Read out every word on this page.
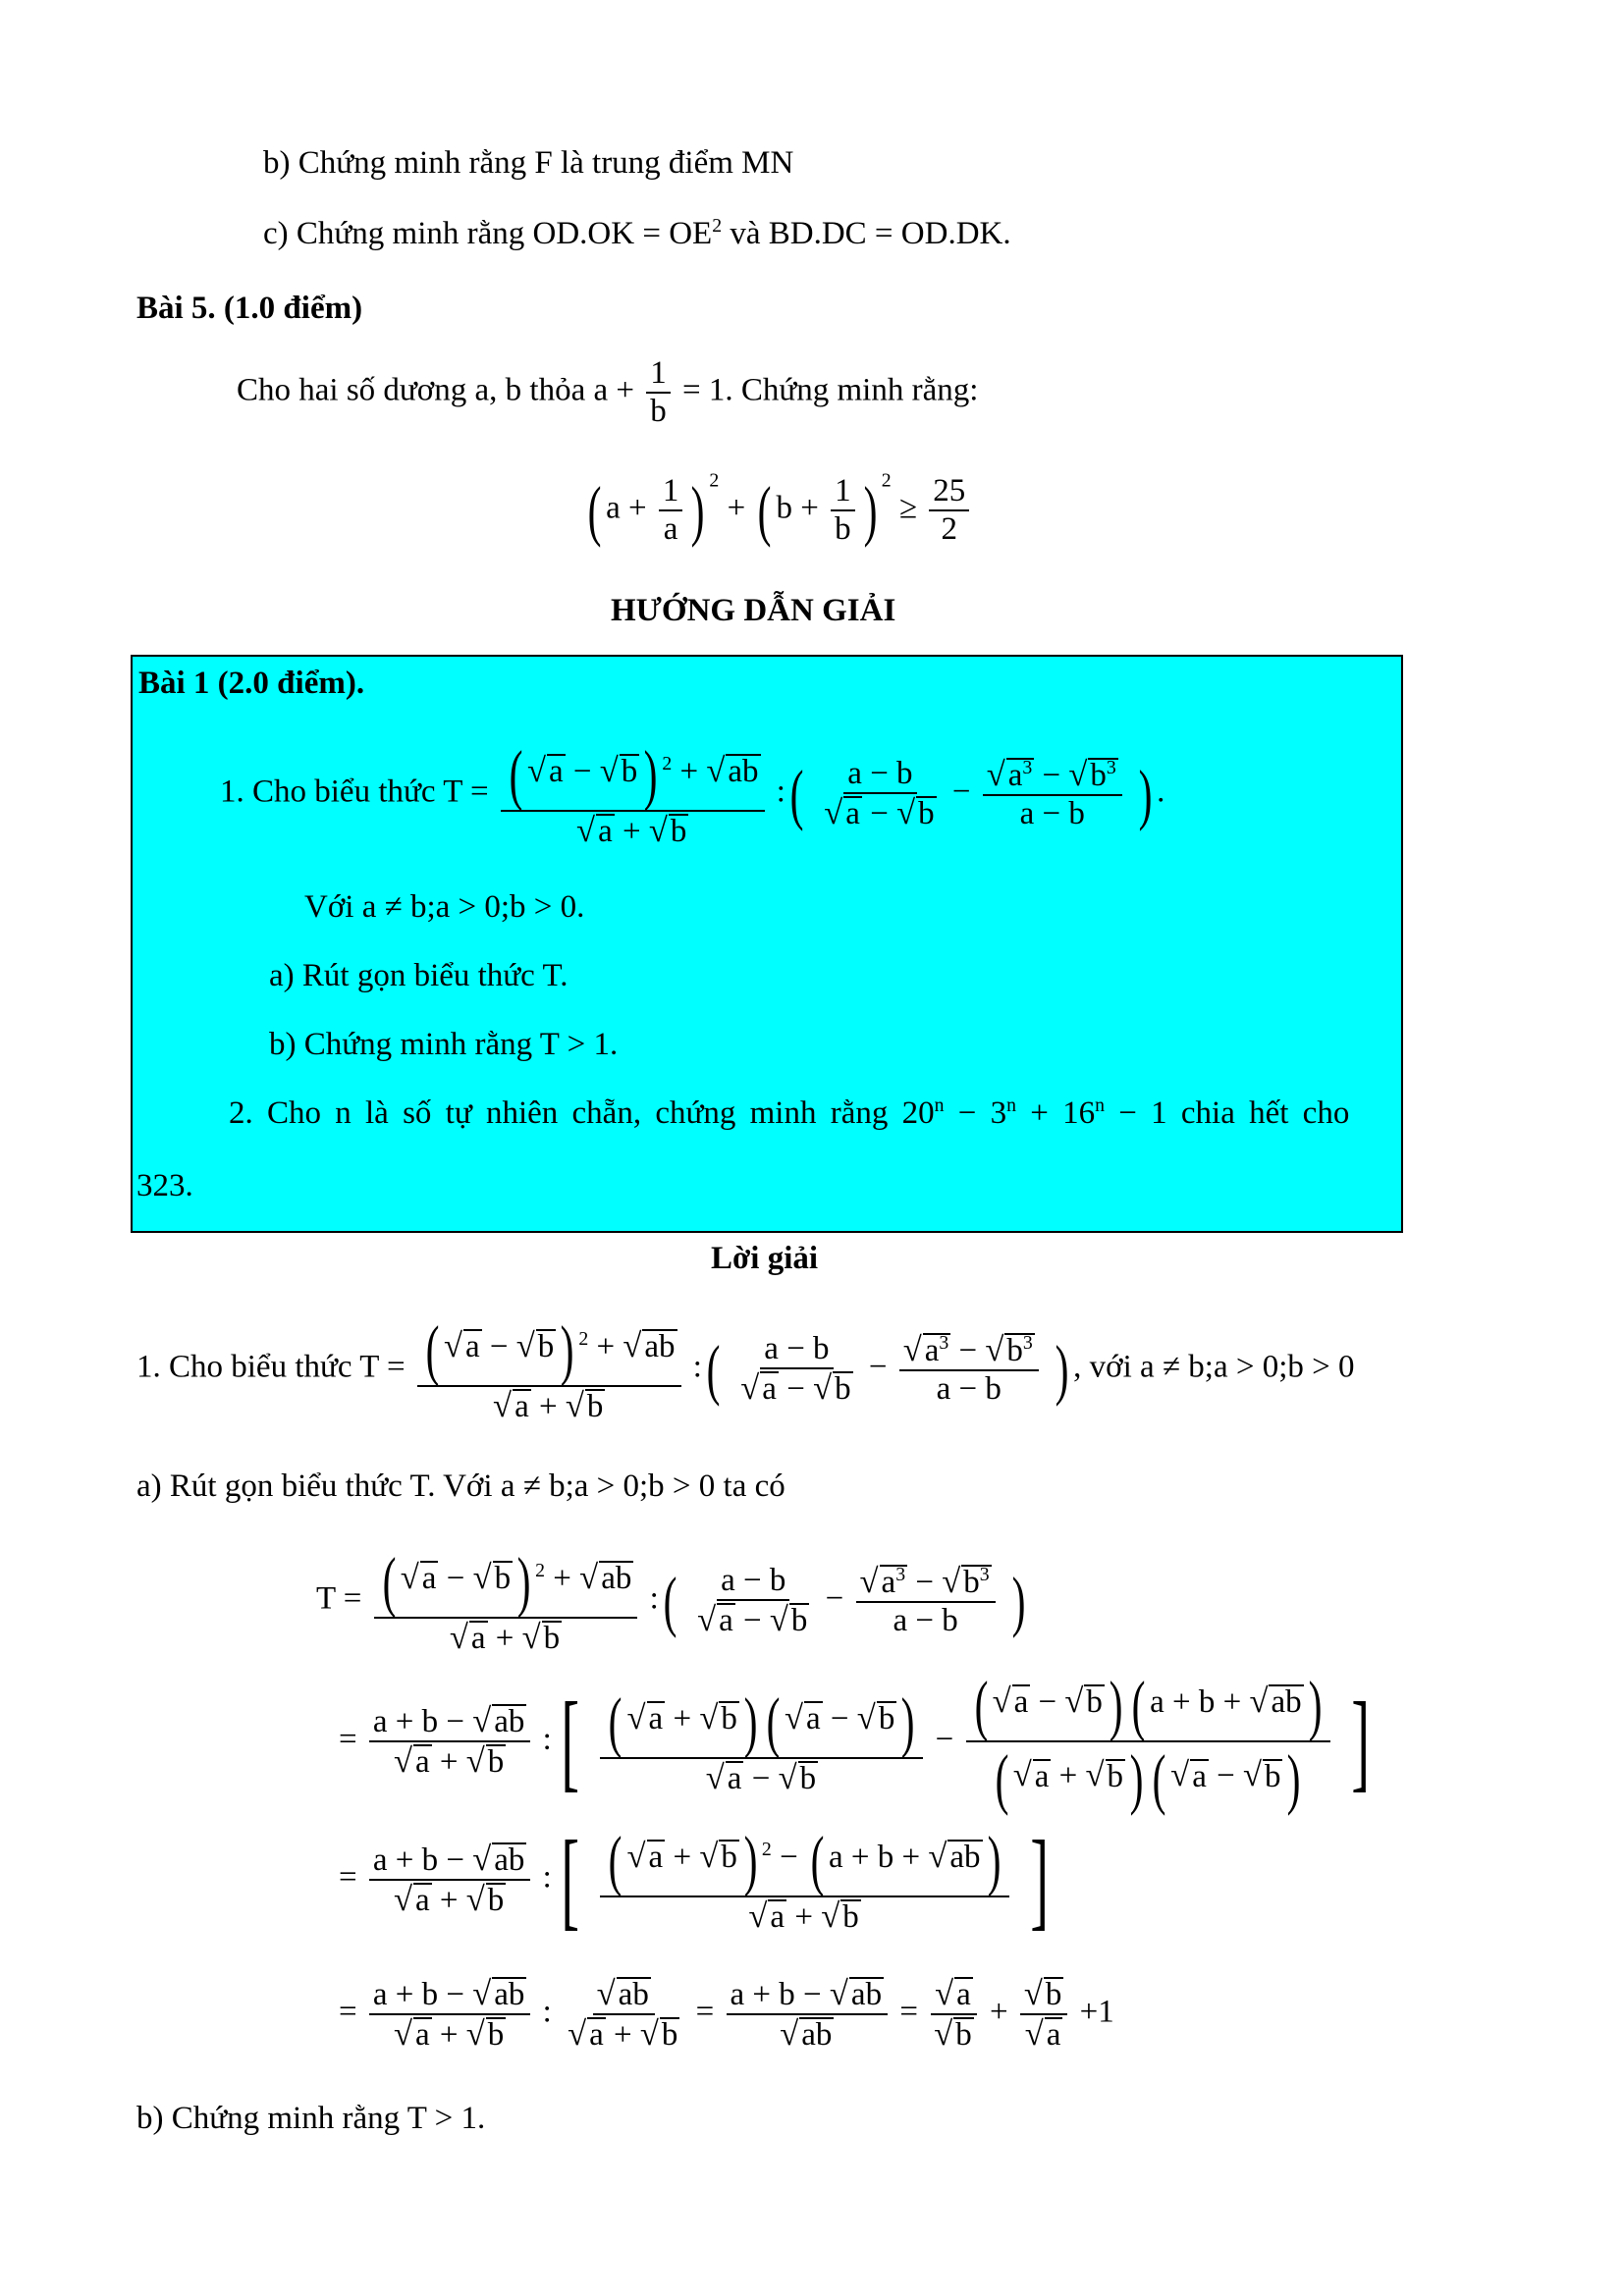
b) Chứng minh rằng F là trung điểm MN
c) Chứng minh rằng $OD.OK = OE^2$ và BD.DC = OD.DK.
Bài 5. (1.0 điểm)
Cho hai số dương a, b thỏa $a + \frac{1}{b} = 1$. Chứng minh rằng:
( $a + \frac{1}{a}$ ) $^2$ + ( $b + \frac{1}{b}$ ) $^2 \ge \frac{25}{2}$
HƯỚNG DẪN GIẢI
Bài 1 (2.0 điểm).
1. Cho biểu thức $T = \frac{( √a - √b) ^2 + √ab}{√a + √b}$ :( $\frac{a - b}{√a - √b} - \frac{√a^3 - √b^3}{a - b}$ ) .
Với a ≠ b;a > 0;b > 0.
a) Rút gọn biểu thức T.
b) Chứng minh rằng T > 1.
2. Cho n là số tự nhiên chẵn, chứng minh rằng $20^n - 3^n + 16^n - 1$ chia hết cho
323.
Lời giải
1. Cho biểu thức $T = \frac{( √a - √b) ^2 + √ab}{√a + √b}$ :( $\frac{a - b}{√a - √b} - \frac{√a^3 - √b^3}{a - b}$ ) , với a ≠ b;a > 0;b > 0
a) Rút gọn biểu thức T. Với a ≠ b;a > 0;b > 0 ta có
$T = \frac{( √a - √b) ^2 + √ab}{√a + √b}$ :( $\frac{a - b}{√a - √b} - \frac{√a^3 - √b^3}{a - b}$ )
= $\frac{a + b - √ab}{√a + √b}$ :[ $\frac{( √a + √b) ( √a - √b)}{√a - √b} - \frac{( √a - √b) ( a + b + √ab)}{( √a + √b) ( √a - √b)}$ ]
= $\frac{a + b - √ab}{√a + √b}$ :[ $\frac{( √a + √b) ^2 - ( a + b + √ab)}{√a + √b}$ ]
= $\frac{a + b - √ab}{√a + √b}$ : $\frac{√ab}{√a + √b} = \frac{a + b - √ab}{√ab} = \frac{√a}{√b} + \frac{√b}{√a} +1$
b) Chứng minh rằng T > 1.
